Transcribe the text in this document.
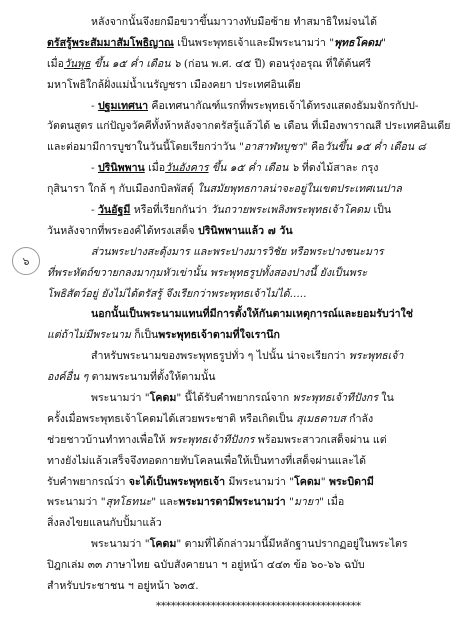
๖
หลังจากนั้นจึงยกมือขวาขึ้นมาวางทับมือซ้าย ทำสมาธิใหม่จนได้
ตรัสรู้พระสัมมาสัมโพธิญาณ เป็นพระพุทธเจ้าและมีพระนามว่า "พุทธโคดม"
เมื่อวันพุธ ขึ้น ๑๕ ค่ำ เดือน ๖ (ก่อน พ.ศ. ๔๕ ปี) ตอนรุ่งอรุณ ที่ใต้ต้นศรี
มหาโพธิใกล้ฝั่งแม่น้ำเนรัญชรา เมืองคยา ประเทศอินเดีย
- ปฐมเทศนา คือเทศนากัณฑ์แรกที่พระพุทธเจ้าได้ทรงแสดงธัมมจักรกัปป-
วัตตนสูตร แก่ปัญจวัคคีทั้งห้าหลังจากตรัสรู้แล้วได้ ๒ เดือน ที่เมืองพาราณสี ประเทศอินเดีย
และต่อมามีการบูชาในวันนี้โดยเรียกว่าวัน "อาสาฬหบูชา" คือวันขึ้น ๑๕ ค่ำ เดือน ๘
- ปรินิพพาน เมื่อวันอังคาร ขึ้น ๑๕ ค่ำ เดือน ๖ ที่ดงไม้สาละ กรุง
กุสินารา ใกล้ ๆ กับเมืองกบิลพัสดุ์ ในสมัยพุทธกาลน่าจะอยู่ในเขตประเทศเนปาล
- วันอัฐมี หรือที่เรียกกันว่า วันถวายพระเพลิงพระพุทธเจ้าโคดม เป็น
วันหลังจากที่พระองค์ได้ทรงเสด็จ ปรินิพพานแล้ว ๗ วัน
ส่วนพระปางสะดุ้งมาร และพระปางมารวิชัย หรือพระปางชนะมาร
ที่พระหัตถ์ขวายกลงมากุมหัวเข่านั้น พระพุทธรูปทั้งสองปางนี้ ยังเป็นพระ
โพธิสัตว์อยู่ ยังไม่ได้ตรัสรู้ จึงเรียกว่าพระพุทธเจ้าไม่ได้.....
นอกนั้นเป็นพระนามแทนที่มีการตั้งให้กันตามเหตุการณ์และยอมรับว่าใช่
แต่ถ้าไม่มีพระนาม ก็เป็นพระพุทธเจ้าตามที่ใจเรานึก
สำหรับพระนามของพระพุทธรูปทั่ว ๆ ไปนั้น น่าจะเรียกว่า พระพุทธเจ้า
องค์อื่น ๆ ตามพระนามที่ตั้งให้ตามนั้น
พระนามว่า "โคดม" นี้ได้รับคำพยากรณ์จาก พระพุทธเจ้าทีปังกร ใน
ครั้งเมื่อพระพุทธเจ้าโคดมได้เสวยพระชาติ หรือเกิดเป็น สุเมธดาบส กำลัง
ช่วยชาวบ้านทำทางเพื่อให้ พระพุทธเจ้าทีปังกร พร้อมพระสาวกเสด็จผ่าน แต่
ทางยังไม่แล้วเสร็จจึงทอดกายทับโคลนเพื่อให้เป็นทางที่เสด็จผ่านและได้
รับคำพยากรณ์ว่า จะได้เป็นพระพุทธเจ้า มีพระนามว่า "โคดม" พระบิดามี
พระนามว่า "สุทโธทนะ" และพระมารดามีพระนามว่า "มายา" เมื่อ
สิ่งลงไขยแลนกับปั้มาแล้ว
พระนามว่า "โคดม" ตามที่ได้กล่าวมานี้มีหลักฐานปรากฏอยู่ในพระไตร
ปิฎกเล่ม ๓๓ ภาษาไทย ฉบับสังคายนา ฯ อยู่หน้า ๔๔๓ ข้อ ๖๐-๖๖ ฉบับ
สำหรับประชาชน ฯ อยู่หน้า ๖๓๕.
*****************************************
